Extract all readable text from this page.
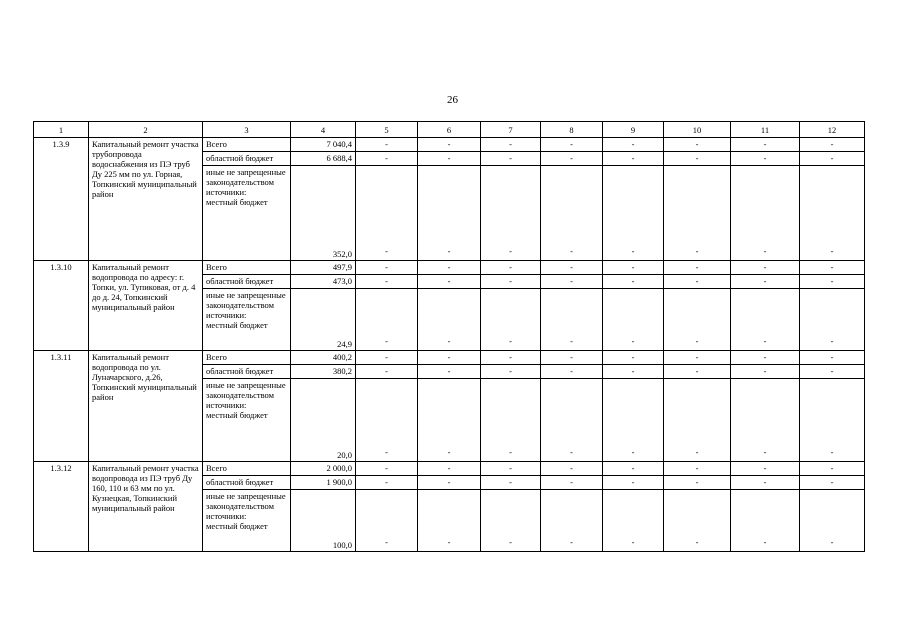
26
1	2	3	4	5	6	7	8	9	10	11	12
1.3.9	Капитальный ремонт участка трубопровода водоснабжения из ПЭ труб Ду 225 мм по ул. Горная, Топкинский муниципальный район	Всего	7 040,4	-	-	-	-	-	-	-	-
		областной бюджет	6 688,4	-	-	-	-	-	-	-	-

		иные не запрещенные законодательством источники:
местный бюджет	352,0	-	-	-	-	-	-	-	-
1.3.10	Капитальный ремонт водопровода по адресу: г. Топки, ул. Тупиковая, от д. 4 до д. 24, Топкинский муниципальный район	Всего	497,9	-	-	-	-	-	-	-	-
		областной бюджет	473,0	-	-	-	-	-	-	-	-

		иные не запрещенные законодательством источники:
местный бюджет	24,9	-	-	-	-	-	-	-	-
1.3.11	Капитальный ремонт водопровода по ул. Луначарского, д.26, Топкинский муниципальный район	Всего	400,2	-	-	-	-	-	-	-	-
		областной бюджет	380,2	-	-	-	-	-	-	-	-

		иные не запрещенные законодательством источники:
местный бюджет	20,0	-	-	-	-	-	-	-	-
1.3.12	Капитальный ремонт участка водопровода из ПЭ труб Ду 160, 110 и 63 мм по ул. Кузнецкая, Топкинский муниципальный район	Всего	2 000,0	-	-	-	-	-	-	-	-
		областной бюджет	1 900,0	-	-	-	-	-	-	-	-

		иные не запрещенные законодательством источники:
местный бюджет	100,0	-	-	-	-	-	-	-	-
